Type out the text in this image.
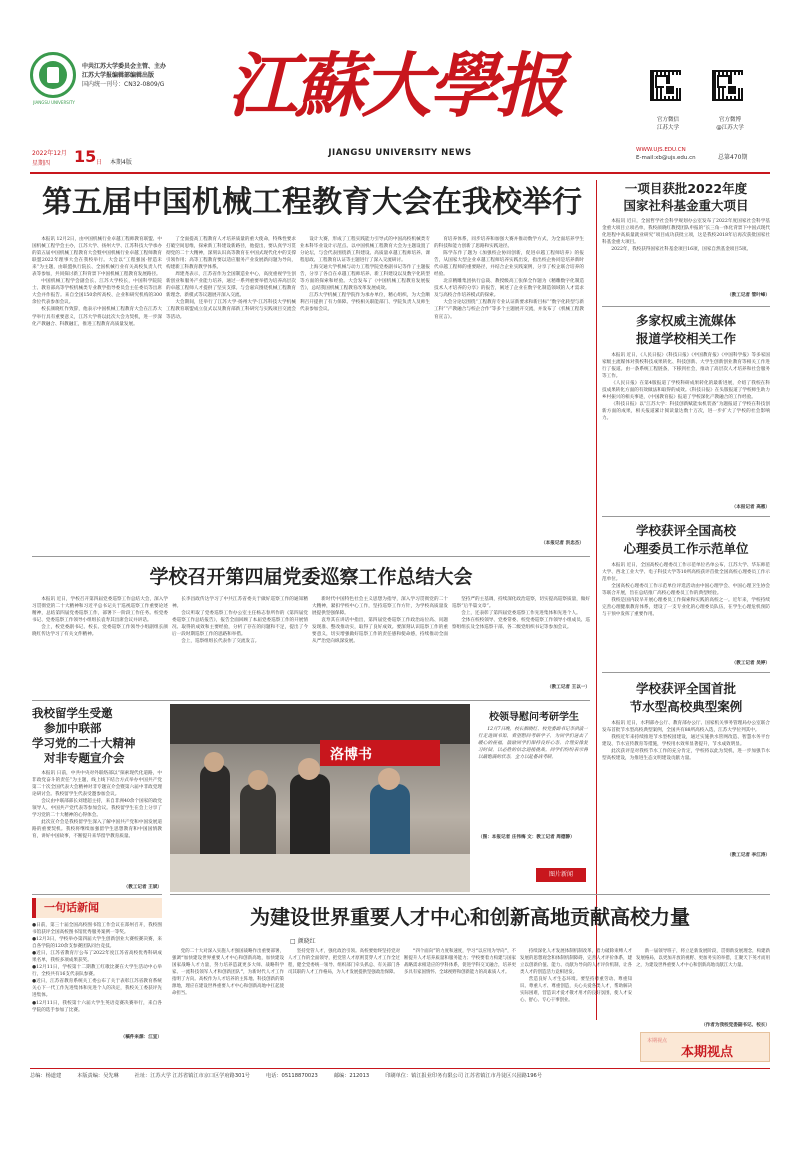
JIANGSU UNIVERSITY
中共江苏大学委员会主管、主办
江苏大学报编辑部编辑出版
国内统一刊号：CN32-0809/G 江蘇大學报
JIANGSU UNIVERSITY NEWS
官方微信
江苏大学
官方微博
@江苏大学
2022年12月
星期四 15 日 本期4版
WWW.UJS.EDU.CN
E-mail:xb@ujs.edu.cn	总第470期
第五届中国机械工程教育大会在我校举行

本报讯 12月2日，由中国机械行业卓越工程师教育联盟、中国机械工程学会主办，江苏大学、扬州大学、江苏科技大学承办的第五届中国机械工程教育大会暨中国机械行业卓越工程师教育联盟2022年理事大会在我校举行。大会以“工程强国·智造未来”为主题，由联盟执行院长、全国机械行业有关高校负责人代表等参加，共同探讨新工科背景下中国机械工程教育发展路径。

中国机械工程学会副会长、江苏大学校长，中国科学院院士、教育部高等学校机械类专业教学指导委员会主任委员等出席大会并作报告。来自全国150余所高校、企业和研究机构的300余位代表参加会议。

校长颜晓红作致辞，他表示中国机械工程教育大会在江苏大学举行具有重要意义，江苏大学将以此次大会为契机，进一步深化产教融合、科教融汇，推进工程教育高质量发展。

了全面提高工程教育人才培养质量的重大使命，特殊性要求打破空间思维，探索新工科建设新路径，他提出，要认真学习贯彻党的二十大精神，深刻认识高等教育在中国式现代化中的支撑引领作用；高等工程教育要以适应服务产业发展新问题为导向，构建新工科教育教学体系。

周建尧表示，江苏省作为全国制造业中心，高度重视学生创新创业和服务产业能力培养，通过一系列重要举措为培养高层次的卓越工程师人才提供了坚实支撑。与会嘉宾围绕机械工程教育新理念、新模式等议题展开深入交流。

大会期间，还举行了江苏大学·扬州大学·江苏科技大学机械工程教育联盟成立仪式以及教育部新工科研究与实践项目交流会等活动。

设计大赛，形成了工程实践能力引导式的中国高校机械类专业本科毕业设计示范点。以中国机械工程教育大会为主题设置了分论坛，与会代表围绕新工科建设、高质量卓越工程师培养、课程思政、工程教育认证等主题进行了深入交流研讨。

上海交通大学机械与动力工程学院党委副书记等作了主题报告，分享了各自在卓越工程师培养、新工科建设以及数字化转型等方面的探索和经验。大会发布了《中国机械工程教育发展报告》，总结我国机械工程教育改革发展成效。

江苏大学机械工程学院作为承办单位，精心组织，为大会顺利召开提供了有力保障。学校相关职能部门、学院负责人及师生代表参加会议。

育培养体系，同步培养和加强大赛并推动数学方式，为全面培养学生的科技和能力创新了思路和实践途径。

陈学东作了题为《加强校企协同创新，促进卓越工程师培养》的报告，从国家大型企业卓越工程师培养实践出发，指出校企协同是培养新时代卓越工程师的重要路径，并结合企业实践案例，分享了校企联合培养的经验。

北京精雕集团执行总裁、教授级高工张保全作题为《精雕数字化制造技术人才培养的分享》的报告，阐述了企业在数字化制造领域的人才需求及与高校合作培养模式的探索。

大会分论坛围绕“工程教育专业认证新要求和新目标”“数字化转型与新工科”“产教融合与校企合作”等多个主题展开交流，并发布了《机械工程教育宣言》。

（本报记者 洪忠杰）
一项目获批2022年度
国家社科基金重大项目

本报讯 近日，全国哲学社会科学规划办公室发布了2022年度国家社会科学基金重大项目立项名单，我校颜晓红教授团队申报的“长三角一体化背景下中国式现代化进程中高质量就业研究”项目成功获批立项，这是我校2018年后再次获批国家社科基金重大项目。

2022年，我校获得国家社科基金项目16项，国家自然基金项目5项。

（教工记者 管叶峰）
多家权威主流媒体
报道学校相关工作

本报讯 近日，《人民日报》《科技日报》《中国教育报》《中国科学报》等多家国家级主流媒体对我校科技成果转化、科技创新、大学生创新创业教育等相关工作进行了报道。由一条系统工程链条，下移到社会，推动了高层次人才培养和社会服务等工作。

《人民日报》在第4版报道了学校科研成果转化的最新进展，介绍了我校在科技成果转化方面的有效做法和取得的成效。《科技日报》在头版报道了学校师生助力乡村振兴的相关事迹，《中国教育报》报道了学校深化产教融合的工作经验。

《科技日报》以“江苏大学：科技创新赋能农机装备”为题报道了学校在科技创新方面的成果，相关报道累计阅读量达数十万次，进一步扩大了学校的社会影响力。

（本报记者 高惠）
学校获评全国高校
心理委员工作示范单位

本报讯 近日，全国高校心理委员工作示范单位名单公布，江苏大学、华东师范大学、西北工业大学、电子科技大学等10所高校获评首批全国高校心理委员工作示范单位。

全国高校心理委员工作示范单位评选活动由中国心理学会、中国心理卫生协会等联合开展，旨在总结推广高校心理委员工作的典型经验。

我校是国内较早开展心理委员工作探索和实践的高校之一。近年来，学校持续完善心理健康教育体系，建设了一支专业化的心理委员队伍，在学生心理危机预防与干预中发挥了重要作用。

（教工记者 吴婷）
学校获评全国首批
节水型高校典型案例

本报讯 近日，水利部办公厅、教育部办公厅、国家机关事务管理局办公室联合发布首批节水型高校典型案例，全国共有88所高校入选，江苏大学位列其中。

我校近年来持续推进节水型校园建设，通过实施供水管网改造、智慧水务平台建设、节水宣传教育等措施，学校用水效率显著提升，节水成效明显。

此次获评是对我校节水工作的充分肯定，学校将以此为契机，进一步加强节水型高校建设，为推进生态文明建设贡献力量。

（教工记者 李江涛）
学校召开第四届党委巡察工作总结大会

本报讯 近日，学校召开第四届党委巡察工作总结大会，深入学习贯彻党的二十大精神和习近平总书记关于巡视巡察工作重要论述精神，总结第四届党委巡察工作，部署下一阶段工作任务。校党委书记、党委巡察工作领导小组组长袁寿其出席会议并讲话。

会上，校党委副书记、校长、党委巡察工作领导小组副组长颜晓红传达学习了有关文件精神。

长李昌政传达学习了中共江苏省委关于做好巡察工作的通知精神。

会议听取了党委巡察工作办公室主任杨志春所作的《第四届党委巡察工作总结报告》，报告全面回顾了本届党委巡察工作的开展情况、取得的成效和主要经验，分析了存在的问题和不足，提出了今后一段时期巡察工作的思路和举措。

会上，巡察组组长代表作了交流发言。

新时代中国特色社会主义思想为指导，深入学习贯彻党的二十大精神，紧扣学校中心工作，坚持巡察工作方针，为学校高质量发展提供坚强保障。

袁寿其在讲话中指出，第四届党委巡察工作政治站位高、问题发现准、整改推动实，取得了良好成效。要深刻认识巡察工作的重要意义，切实增强做好巡察工作的责任感和使命感，持续推动全面从严治党向纵深发展。

坚持严的主基调，持续深化政治巡察，切实提高巡察质量，做好巡察“后半篇文章”。

会上，还表彰了第四届党委巡察工作先进集体和先进个人。

全体在校校领导、党委常委、校党委巡察工作领导小组成员、巡察组组长及全体巡察干部，各二级党组织书记等参加会议。

（教工记者 王以一）
我校留学生受邀
参加中联部
学习党的二十大精神
对非专题宣介会

本报讯 日前，中共中央对外联络部以“探索现代化道路，中非政党奋斗的责任”为主题，线上线下结合方式举办中国共产党第二十次全国代表大会精神对非专题宣介会暨第六届中非政党理论研讨会。我校留学生代表受邀参加会议。

会议由中联部部长刘建超主持，来自非洲40余个国家的政党领导人、中国共产党代表等参加会议。我校留学生在会上分享了学习党的二十大精神的心得体会。

此次宣介会是我校留学生深入了解中国共产党和中国发展道路的重要契机。我校将继续加强留学生思想教育和中国国情教育，讲好中国故事，不断提升来华留学教育质量。

（教工记者 王斌）
洛博书
校领导慰问考研学生

12月7日晚，校长颜晓红、校党委副书记李洪波一行走进图书馆，看望慰问考研学子，为同学们送去了暖心的祝福，鼓励同学们保持良好心态，合理安排复习时间，以必胜的信念迎接挑战。同学们纷纷表示将以最饱满的状态，全力以赴备战考研。

（图：本报记者 庄伟梅 文：教工记者 周德静）
图片新闻
一句话新闻
●日前，第三十届全国高校图书馆工作会议在郑州召开，我校图书馆获评全国高校图书馆优秀服务案例一等奖。
●12月3日，学校举办第四届大学生创新创业大赛校赛决赛，来自各学院的120余支参赛团队同台竞技。
●近日，江苏省教育厅公布了2022年度江苏省高校优秀科研成果名单，我校多项成果获奖。
●12月11日，学校第十二期教工红歌比赛在大学生活动中心举行，全校共有16支代表队参赛。
●近日，江苏省教育系统关工委公布了关于表彰江苏省教育系统关心下一代工作先进集体和先进个人的决定，我校关工委获评先进集体。
●12月11日，我校第十六届大学生英语竞赛决赛举行，来自各学院的选手参加了比赛。
（稿件来源：江宣）
为建设世界重要人才中心和创新高地贡献高校力量
□ 颜晓红

党的二十大对深入实施人才强国战略作出重要部署，强调“加快建设世界重要人才中心和创新高地，加快建设国家战略人才力量，努力培养造就更多大师、战略科学家、一流科技领军人才和创新团队”，为新时代人才工作指明了方向。高校作为人才培养的主阵地、科技创新的策源地，理应在建设世界重要人才中心和创新高地中扛起使命担当。

坚持党管人才，强化政治引领。高校要始终坚持党对人才工作的全面领导，把党管人才原则贯穿人才工作全过程，健全党委统一领导、组织部门牵头抓总、有关部门各司其职的人才工作格局，为人才发展提供坚强政治保障。

“四个面向”的力度和速度，学习“以应用为导向”，不断提升人才培养质量和服务能力；学校要着力构建与国家战略需求相适应的学科体系，促进学科交叉融合，培养更多具有家国情怀、全球视野和创新能力的高素质人才。

持续深化人才发展体制机制改革，着力破除束缚人才发展的思想观念和体制机制障碍，完善人才评价体系，建立以创新价值、能力、贡献为导向的人才评价机制，让各类人才的创造活力竞相迸发。

营造良好人才生态环境。要坚持尊重劳动、尊重知识、尊重人才、尊重创造，关心关爱各类人才，帮助解决实际困难，营造识才爱才敬才用才的良好氛围，使人才安心、舒心、专心干事创业。

新一届领导班子，将立足新发展阶段，贯彻新发展理念，构建新发展格局，以更加开放的视野、更加务实的举措，汇聚天下英才而用之，为建设世界重要人才中心和创新高地贡献江大力量。

（作者为我校党委副书记、校长）
本期视点
本期视点
总编：杨道建	本版责编：吴先琳	社址：江苏大学 江苏省镇江市京口区学府路301号	电话：05118870023	邮编：212013	印刷单位：镇江报业印务有限公司 江苏省镇江市丹徒区兴园路196号
